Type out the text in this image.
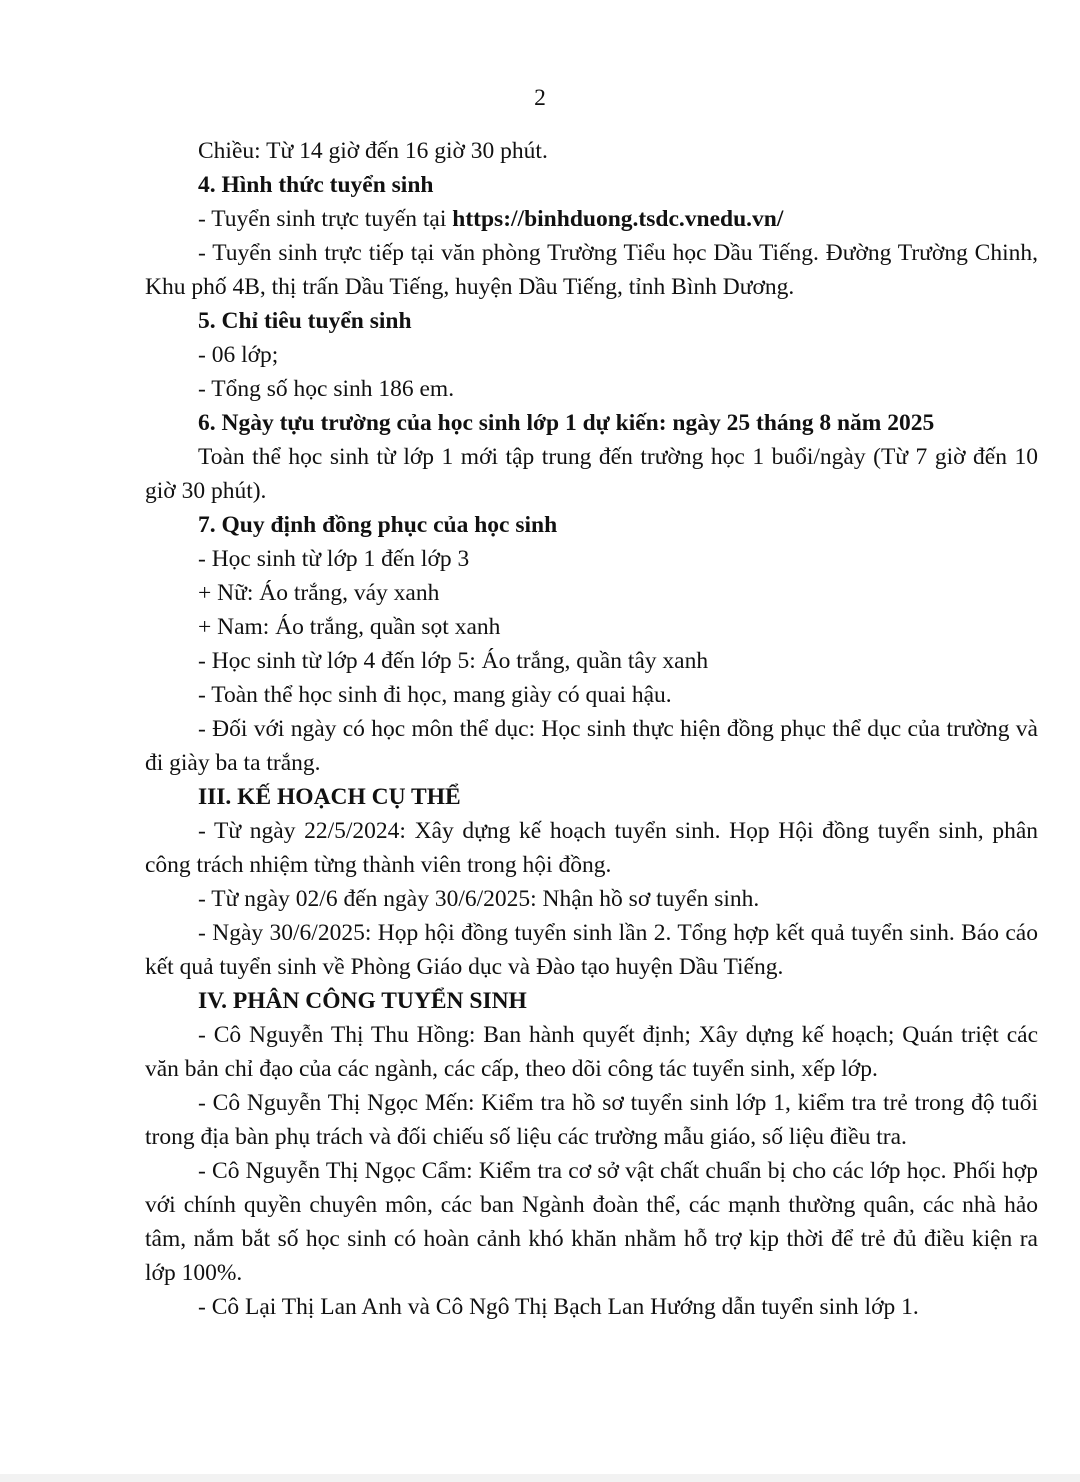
2

Chiều: Từ 14 giờ đến 16 giờ 30 phút.

4. Hình thức tuyển sinh

- Tuyển sinh trực tuyến tại https://binhduong.tsdc.vnedu.vn/

- Tuyển sinh trực tiếp tại văn phòng Trường Tiểu học Dầu Tiếng. Đường Trường Chinh, Khu phố 4B, thị trấn Dầu Tiếng, huyện Dầu Tiếng, tỉnh Bình Dương.

5. Chỉ tiêu tuyển sinh

- 06 lớp;

- Tổng số học sinh 186 em.

6. Ngày tựu trường của học sinh lớp 1 dự kiến: ngày 25 tháng 8 năm 2025

Toàn thể học sinh từ lớp 1 mới tập trung đến trường học 1 buổi/ngày (Từ 7 giờ đến 10 giờ 30 phút).

7. Quy định đồng phục của học sinh

- Học sinh từ lớp 1 đến lớp 3

+ Nữ: Áo trắng, váy xanh

+ Nam: Áo trắng, quần sọt xanh

- Học sinh từ lớp 4 đến lớp 5: Áo trắng, quần tây xanh

- Toàn thể học sinh đi học, mang giày có quai hậu.

- Đối với ngày có học môn thể dục: Học sinh thực hiện đồng phục thể dục của trường và đi giày ba ta trắng.

III. KẾ HOẠCH CỤ THỂ

- Từ ngày 22/5/2024: Xây dựng kế hoạch tuyển sinh. Họp Hội đồng tuyển sinh, phân công trách nhiệm từng thành viên trong hội đồng.

- Từ ngày 02/6 đến ngày 30/6/2025: Nhận hồ sơ tuyển sinh.

- Ngày 30/6/2025: Họp hội đồng tuyển sinh lần 2. Tổng hợp kết quả tuyển sinh. Báo cáo kết quả tuyển sinh về Phòng Giáo dục và Đào tạo huyện Dầu Tiếng.

IV. PHÂN CÔNG TUYỂN SINH

- Cô Nguyễn Thị Thu Hồng: Ban hành quyết định; Xây dựng kế hoạch; Quán triệt các văn bản chỉ đạo của các ngành, các cấp, theo dõi công tác tuyển sinh, xếp lớp.

- Cô Nguyễn Thị Ngọc Mến: Kiểm tra hồ sơ tuyển sinh lớp 1, kiểm tra trẻ trong độ tuổi trong địa bàn phụ trách và đối chiếu số liệu các trường mẫu giáo, số liệu điều tra.

- Cô Nguyễn Thị Ngọc Cẩm: Kiểm tra cơ sở vật chất chuẩn bị cho các lớp học. Phối hợp với chính quyền chuyên môn, các ban Ngành đoàn thể, các mạnh thường quân, các nhà hảo tâm, nắm bắt số học sinh có hoàn cảnh khó khăn nhằm hỗ trợ kịp thời để trẻ đủ điều kiện ra lớp 100%.

- Cô Lại Thị Lan Anh và Cô Ngô Thị Bạch Lan Hướng dẫn tuyển sinh lớp 1.
